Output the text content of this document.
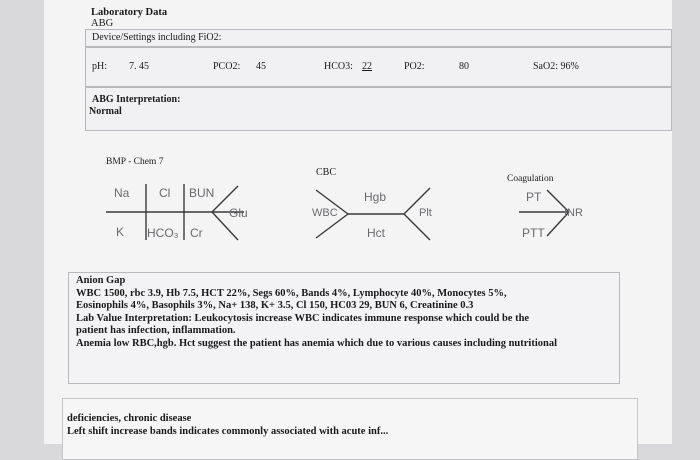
Laboratory Data
ABG
Device/Settings including FiO2:
pH: 7. 45	PCO2: 45	HCO3: 22	PO2:	80	SaO2: 96%
ABG Interpretation:
Normal
BMP - Chem 7
CBC
Coagulation
Na Cl BUN
Glu
K HCO₃ Cr
WBC
Hgb
Hct
Plt
PT
INR
PTT

Anion Gap

WBC 1500, rbc 3.9, Hb 7.5, HCT 22%, Segs 60%, Bands 4%, Lymphocyte 40%, Monocytes 5%,

Eosinophils 4%, Basophils 3%, Na+ 138, K+ 3.5, Cl 150, HC03 29, BUN 6, Creatinine 0.3

Lab Value Interpretation: Leukocytosis increase WBC indicates immune response which could be the

patient has infection, inflammation.

Anemia low RBC,hgb. Hct suggest the patient has anemia which due to various causes including nutritional

deficiencies, chronic disease

Left shift increase bands indicates commonly associated with acute inf...
